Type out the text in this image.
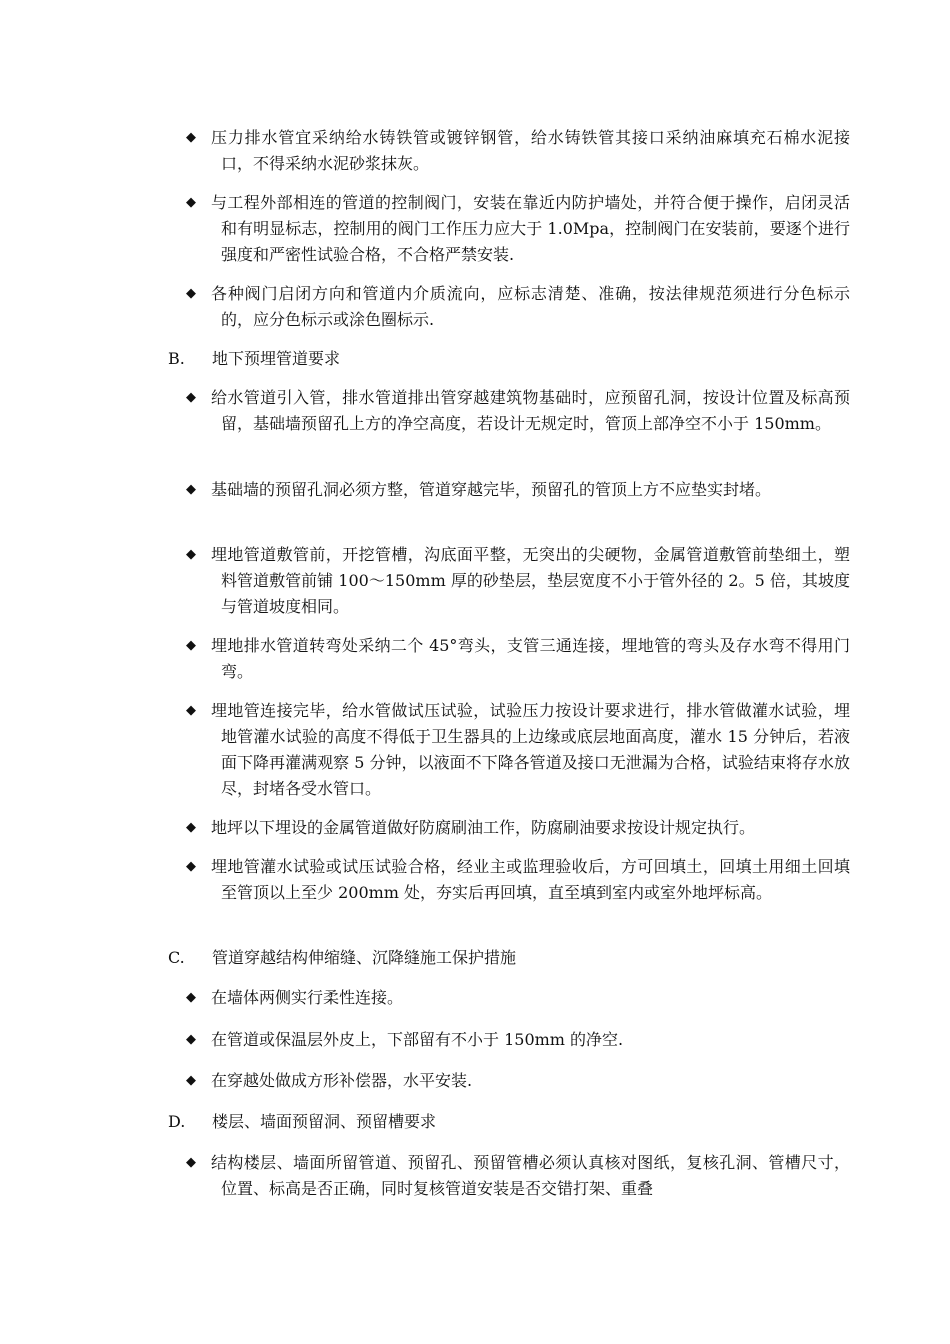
◆ 压力排水管宜采纳给水铸铁管或镀锌钢管，给水铸铁管其接口采纳油麻填充石棉水泥接口，不得采纳水泥砂浆抹灰。
◆ 与工程外部相连的管道的控制阀门，安装在靠近内防护墙处，并符合便于操作，启闭灵活和有明显标志，控制用的阀门工作压力应大于 1.0Mpa，控制阀门在安装前，要逐个进行强度和严密性试验合格，不合格严禁安装.
◆ 各种阀门启闭方向和管道内介质流向，应标志清楚、准确，按法律规范须进行分色标示的，应分色标示或涂色圈标示.
B. 地下预埋管道要求
◆ 给水管道引入管，排水管道排出管穿越建筑物基础时，应预留孔洞，按设计位置及标高预留，基础墙预留孔上方的净空高度，若设计无规定时，管顶上部净空不小于 150mm。
◆ 基础墙的预留孔洞必须方整，管道穿越完毕，预留孔的管顶上方不应垫实封堵。
◆ 埋地管道敷管前，开挖管槽，沟底面平整，无突出的尖硬物，金属管道敷管前垫细土，塑料管道敷管前铺 100～150mm 厚的砂垫层，垫层宽度不小于管外径的 2。5 倍，其坡度与管道坡度相同。
◆ 埋地排水管道转弯处采纳二个 45°弯头，支管三通连接，埋地管的弯头及存水弯不得用门弯。
◆ 埋地管连接完毕，给水管做试压试验，试验压力按设计要求进行，排水管做灌水试验，埋地管灌水试验的高度不得低于卫生器具的上边缘或底层地面高度，灌水 15 分钟后，若液面下降再灌满观察 5 分钟，以液面不下降各管道及接口无泄漏为合格，试验结束将存水放尽，封堵各受水管口。
◆ 地坪以下埋设的金属管道做好防腐刷油工作，防腐刷油要求按设计规定执行。
◆ 埋地管灌水试验或试压试验合格，经业主或监理验收后，方可回填土，回填土用细土回填至管顶以上至少 200mm 处，夯实后再回填，直至填到室内或室外地坪标高。
C. 管道穿越结构伸缩缝、沉降缝施工保护措施
◆ 在墙体两侧实行柔性连接。
◆ 在管道或保温层外皮上，下部留有不小于 150mm 的净空.
◆ 在穿越处做成方形补偿器，水平安装.
D. 楼层、墙面预留洞、预留槽要求
◆ 结构楼层、墙面所留管道、预留孔、预留管槽必须认真核对图纸，复核孔洞、管槽尺寸，位置、标高是否正确，同时复核管道安装是否交错打架、重叠
